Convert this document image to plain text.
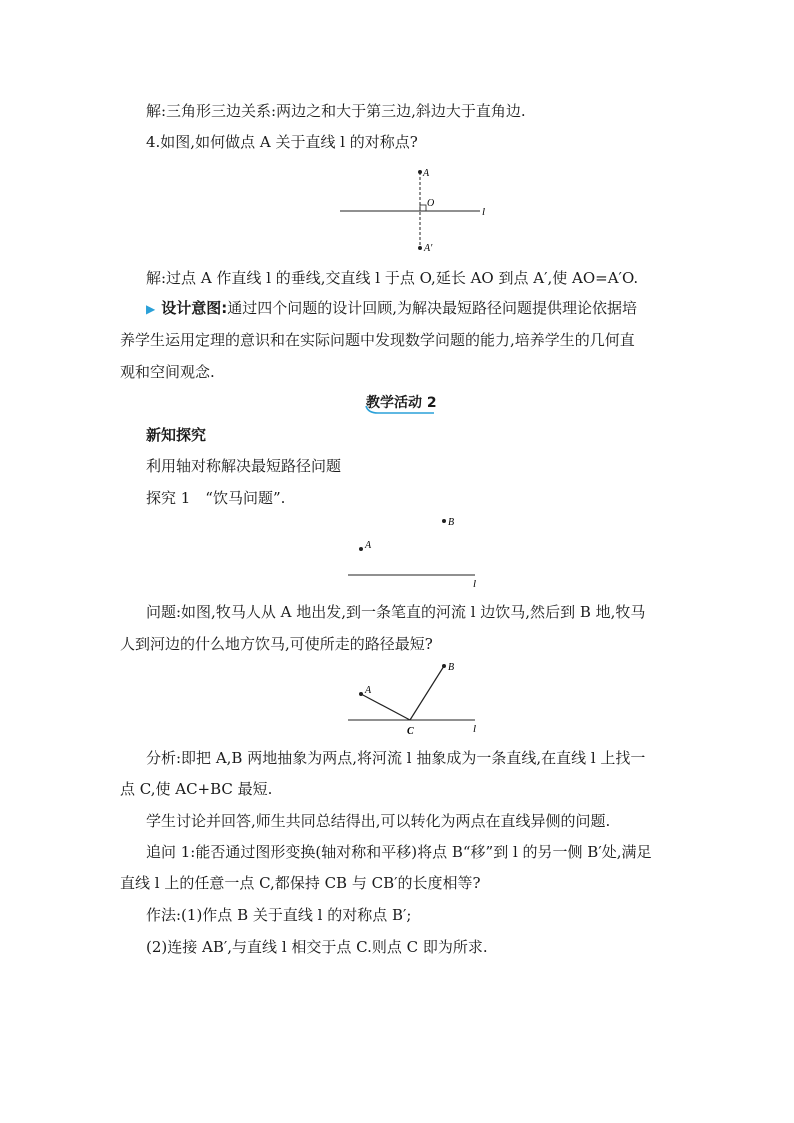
解:三角形三边关系:两边之和大于第三边,斜边大于直角边.
4.如图,如何做点 A 关于直线 l 的对称点?
A
O
A′
l
解:过点 A 作直线 l 的垂线,交直线 l 于点 O,延长 AO 到点 A′,使 AO=A′O.
▶ 设计意图:通过四个问题的设计回顾,为解决最短路径问题提供理论依据培
养学生运用定理的意识和在实际问题中发现数学问题的能力,培养学生的几何直
观和空间观念.
教学活动 2
新知探究
利用轴对称解决最短路径问题
探究 1　“饮马问题”.
A
B
l
问题:如图,牧马人从 A 地出发,到一条笔直的河流 l 边饮马,然后到 B 地,牧马
人到河边的什么地方饮马,可使所走的路径最短?
A
B
C	l
分析:即把 A,B 两地抽象为两点,将河流 l 抽象成为一条直线,在直线 l 上找一
点 C,使 AC+BC 最短.
学生讨论并回答,师生共同总结得出,可以转化为两点在直线异侧的问题.
追问 1:能否通过图形变换(轴对称和平移)将点 B“移”到 l 的另一侧 B′处,满足
直线 l 上的任意一点 C,都保持 CB 与 CB′的长度相等?
作法:(1)作点 B 关于直线 l 的对称点 B′;
(2)连接 AB′,与直线 l 相交于点 C.则点 C 即为所求.
